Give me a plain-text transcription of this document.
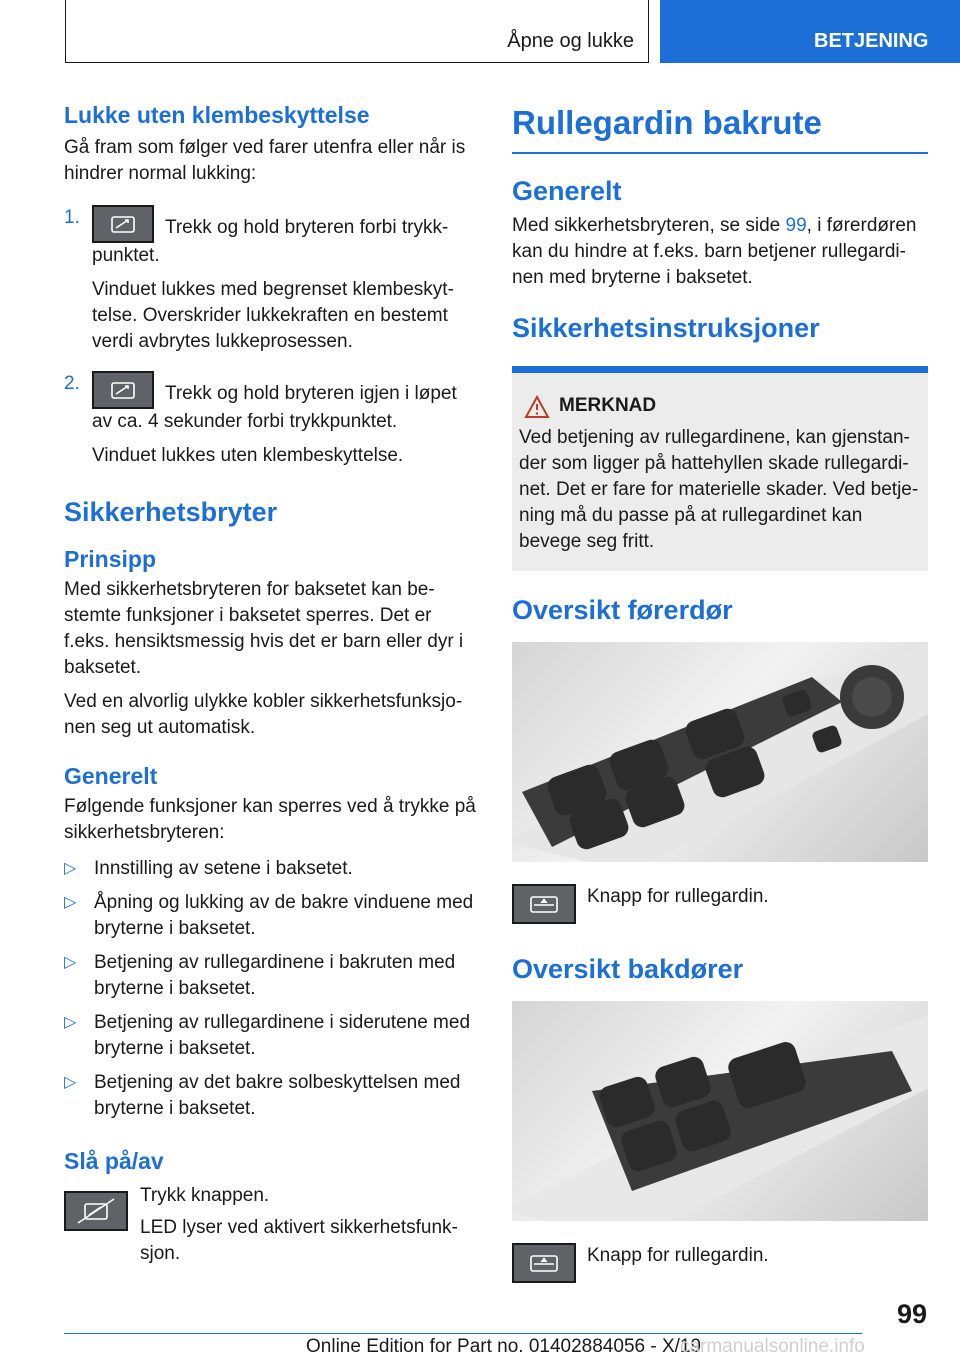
Åpne og lukke	BETJENING
Lukke uten klembeskyttelse

Gå fram som følger ved farer utenfra eller når is hindrer normal lukking:

1.	Trekk og hold bryteren forbi trykkpunktet.

Vinduet lukkes med begrenset klembeskyttelse. Overskrider lukkekraften en bestemt verdi avbrytes lukkeprosessen.

2.	Trekk og hold bryteren igjen i løpet av ca. 4 sekunder forbi trykkpunktet.

Vinduet lukkes uten klembeskyttelse.

Sikkerhetsbryter
Prinsipp

Med sikkerhetsbryteren for baksetet kan bestemte funksjoner i baksetet sperres. Det er f.eks. hensiktsmessig hvis det er barn eller dyr i baksetet.

Ved en alvorlig ulykke kobler sikkerhetsfunksjonen seg ut automatisk.

Generelt

Følgende funksjoner kan sperres ved å trykke på sikkerhetsbryteren:

▷ Innstilling av setene i baksetet.
▷ Åpning og lukking av de bakre vinduene med bryterne i baksetet.
▷ Betjening av rullegardinene i bakruten med bryterne i baksetet.
▷ Betjening av rullegardinene i siderutene med bryterne i baksetet.
▷ Betjening av det bakre solbeskyttelsen med bryterne i baksetet.
Slå på/av

Trykk knappen.

LED lyser ved aktivert sikkerhetsfunksjon.

Rullegardin bakrute
Generelt

Med sikkerhetsbryteren, se side 99, i førerdøren kan du hindre at f.eks. barn betjener rullegardinen med bryterne i baksetet.

Sikkerhetsinstruksjoner
MERKNAD

Ved betjening av rullegardinene, kan gjenstander som ligger på hattehyllen skade rullegardinet. Det er fare for materielle skader. Ved betjening må du passe på at rullegardinet kan bevege seg fritt.

Oversikt førerdør

Knapp for rullegardin.

Oversikt bakdører

Knapp for rullegardin.

99
Online Edition for Part no. 01402884056 - X/19
carmanualsonline.info
